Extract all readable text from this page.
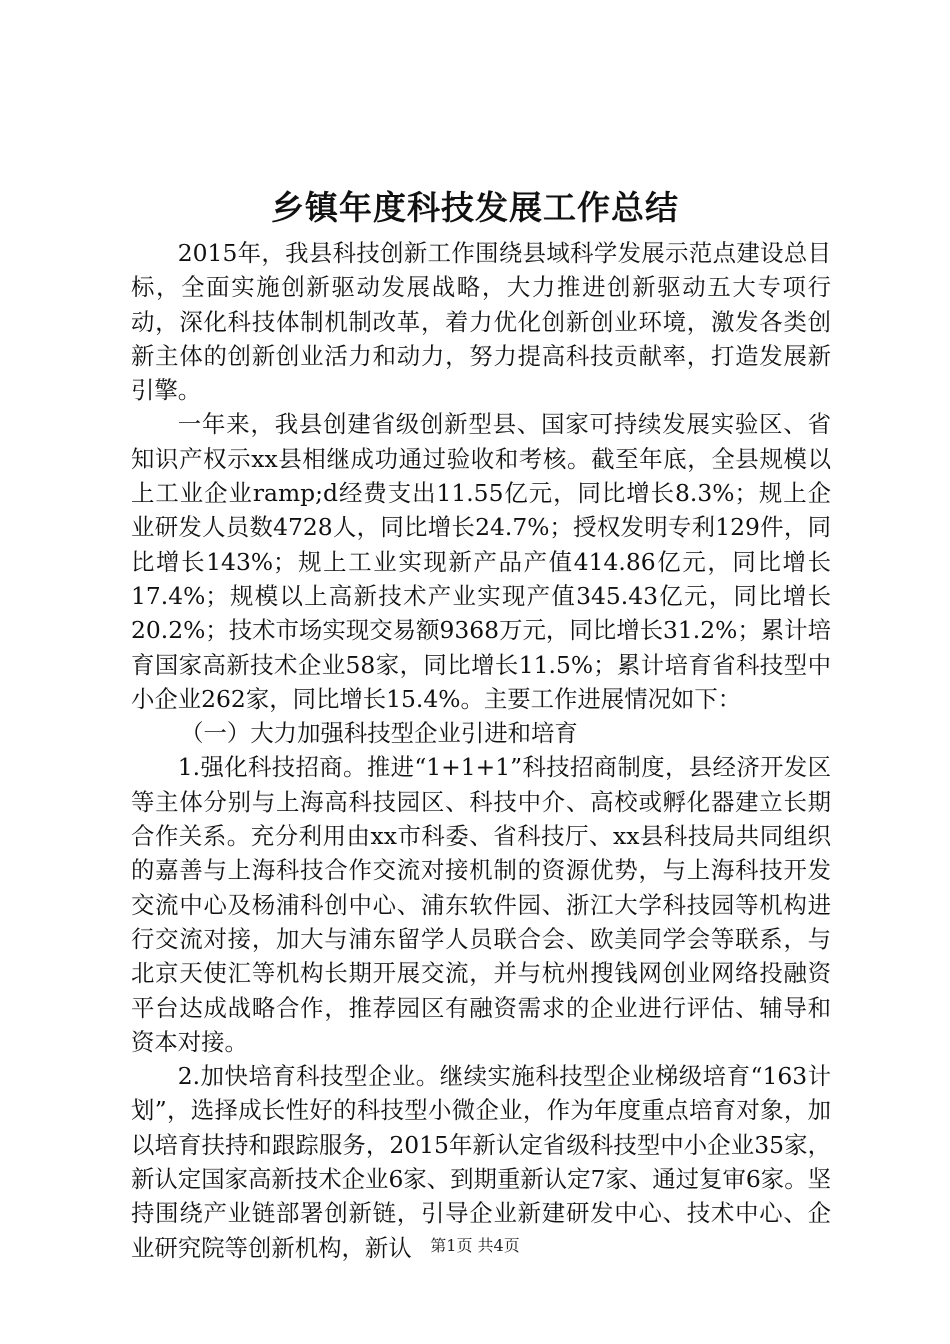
乡镇年度科技发展工作总结

2015年，我县科技创新工作围绕县域科学发展示范点建设总目标，全面实施创新驱动发展战略，大力推进创新驱动五大专项行动，深化科技体制机制改革，着力优化创新创业环境，激发各类创新主体的创新创业活力和动力，努力提高科技贡献率，打造发展新引擎。

一年来，我县创建省级创新型县、国家可持续发展实验区、省知识产权示xx县相继成功通过验收和考核。截至年底，全县规模以上工业企业ramp;d经费支出11.55亿元，同比增长8.3%；规上企业研发人员数4728人，同比增长24.7%；授权发明专利129件，同比增长143%；规上工业实现新产品产值414.86亿元，同比增长17.4%；规模以上高新技术产业实现产值345.43亿元，同比增长20.2%；技术市场实现交易额9368万元，同比增长31.2%；累计培育国家高新技术企业58家，同比增长11.5%；累计培育省科技型中小企业262家，同比增长15.4%。主要工作进展情况如下：

（一）大力加强科技型企业引进和培育

1.强化科技招商。推进“1+1+1”科技招商制度，县经济开发区等主体分别与上海高科技园区、科技中介、高校或孵化器建立长期合作关系。充分利用由xx市科委、省科技厅、xx县科技局共同组织的嘉善与上海科技合作交流对接机制的资源优势，与上海科技开发交流中心及杨浦科创中心、浦东软件园、浙江大学科技园等机构进行交流对接，加大与浦东留学人员联合会、欧美同学会等联系，与北京天使汇等机构长期开展交流，并与杭州搜钱网创业网络投融资平台达成战略合作，推荐园区有融资需求的企业进行评估、辅导和资本对接。

2.加快培育科技型企业。继续实施科技型企业梯级培育“163计划”，选择成长性好的科技型小微企业，作为年度重点培育对象，加以培育扶持和跟踪服务，2015年新认定省级科技型中小企业35家，新认定国家高新技术企业6家、到期重新认定7家、通过复审6家。坚持围绕产业链部署创新链，引导企业新建研发中心、技术中心、企业研究院等创新机构，新认	第1页 共4页
